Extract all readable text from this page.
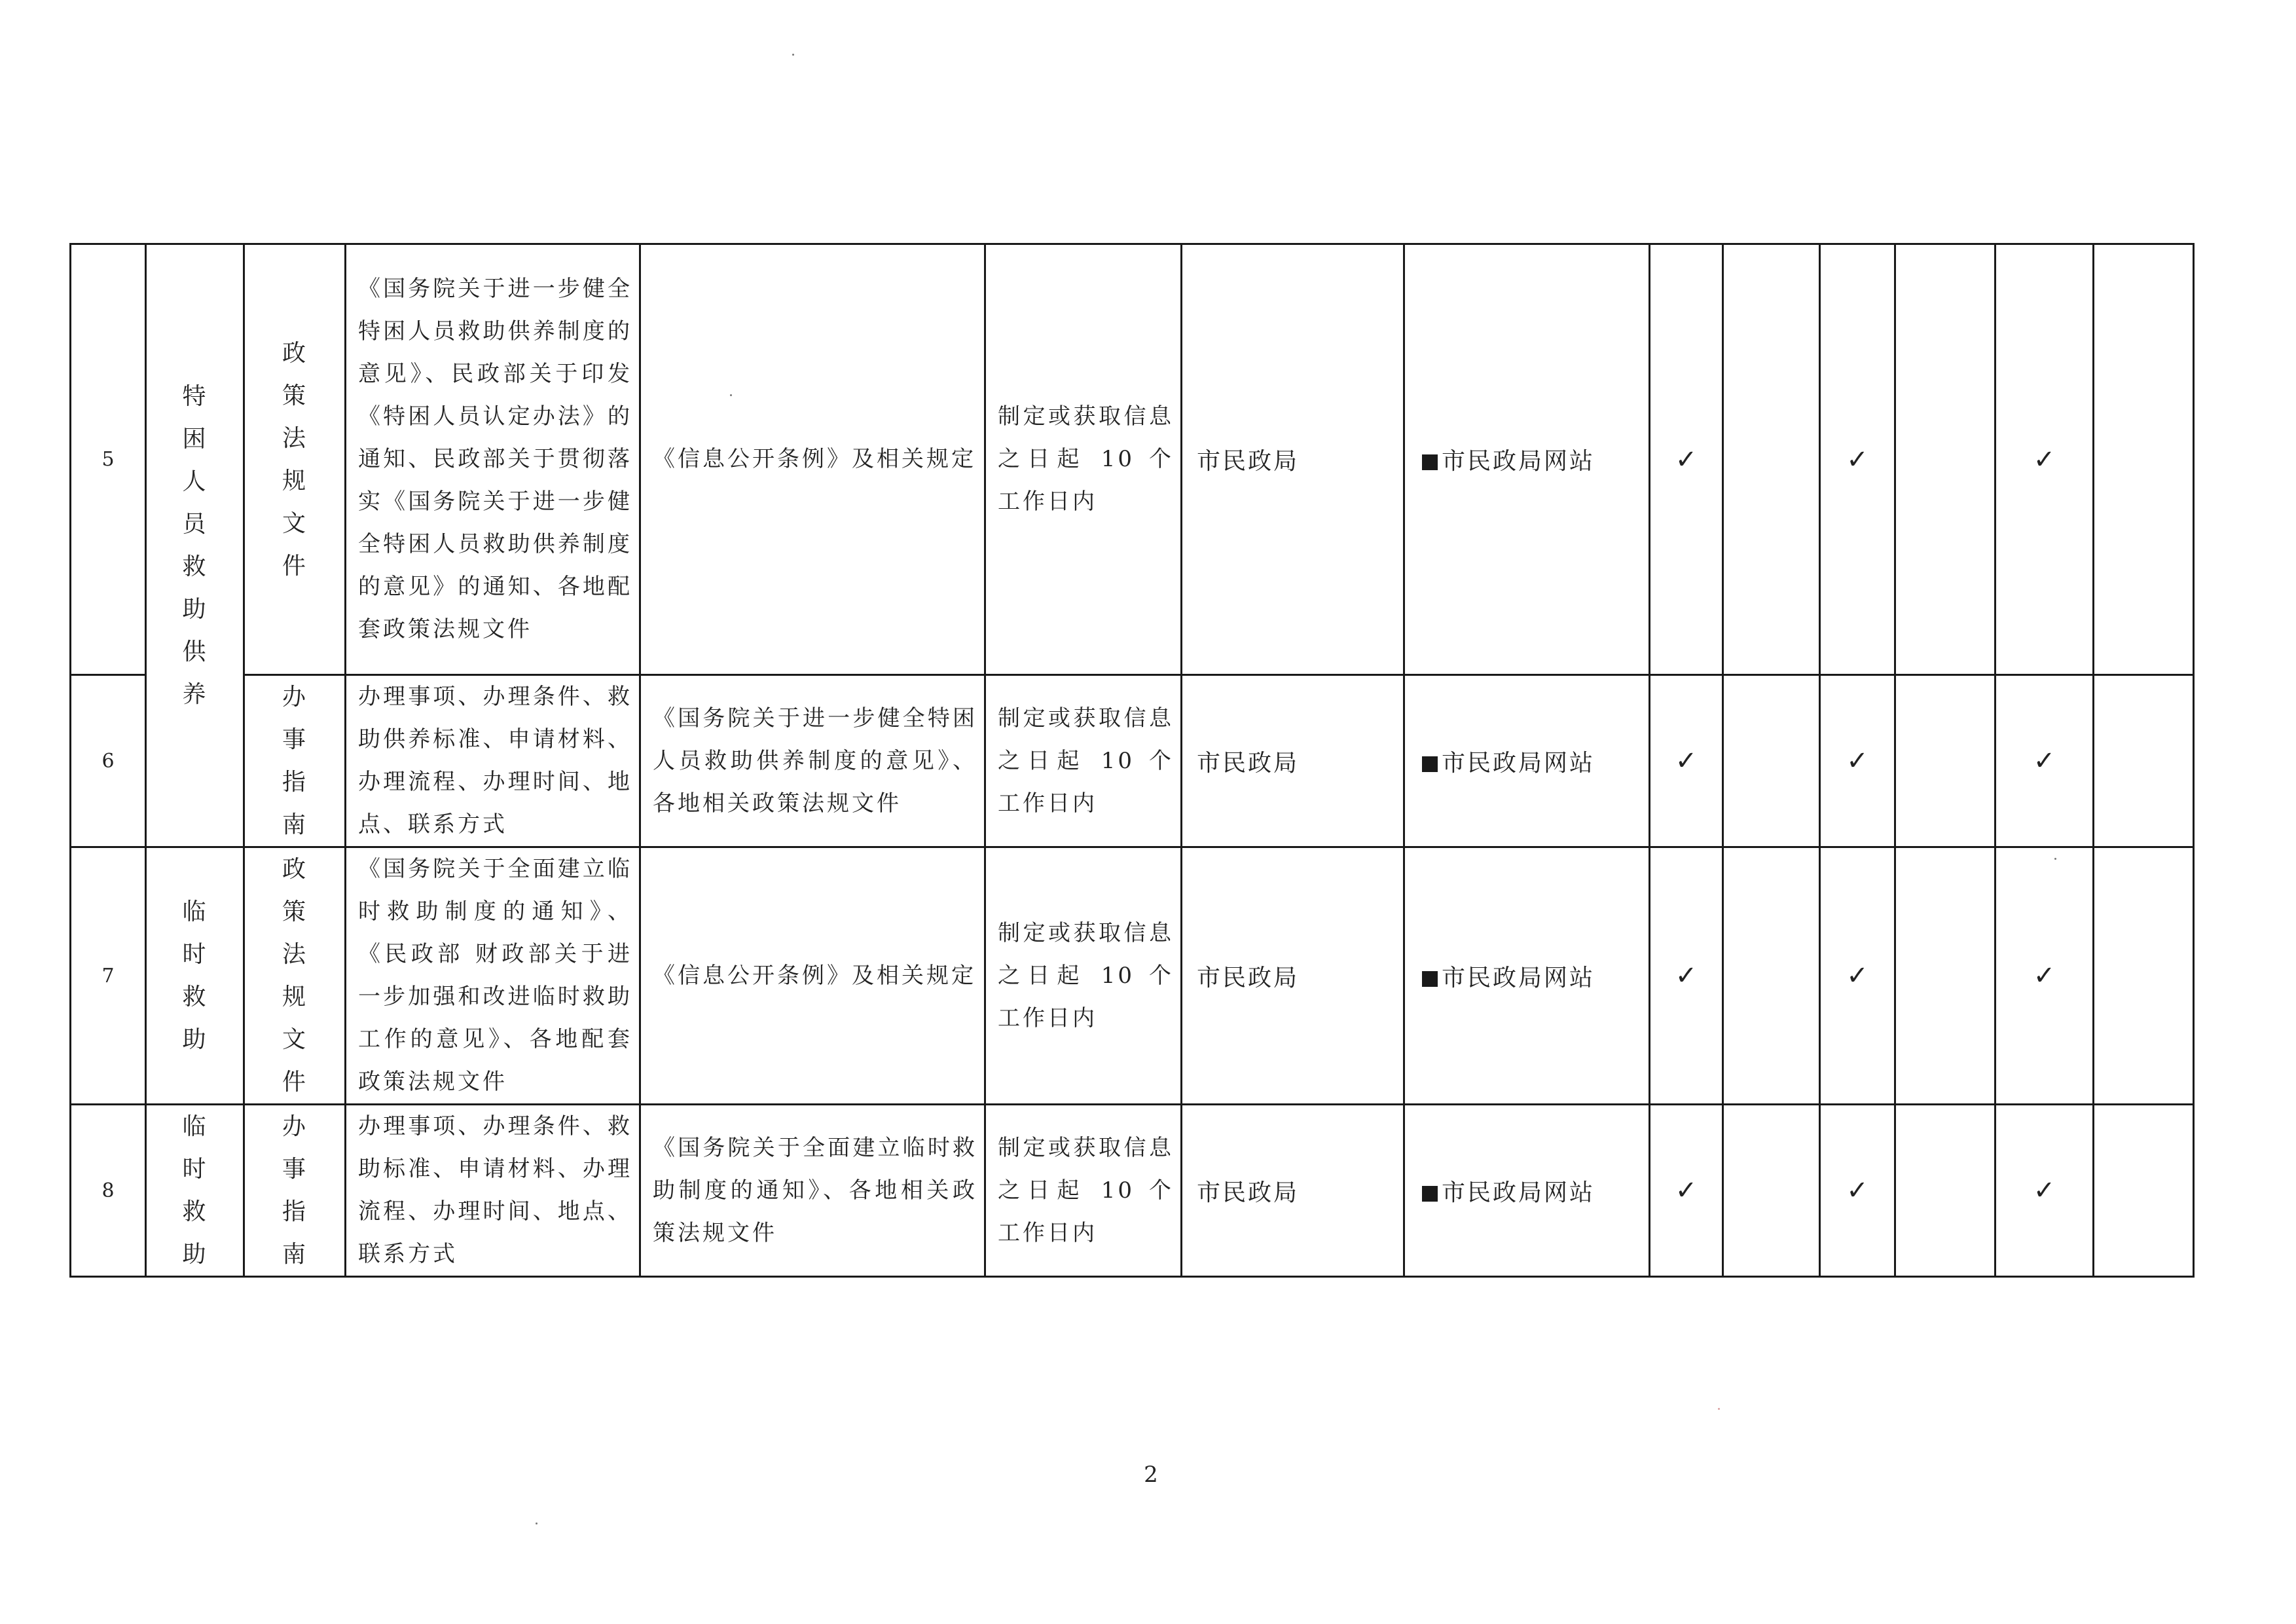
5	特困人员救助供养	政策法规文件	《国务院关于进一步健全特困人员救助供养制度的意见》、民政部关于印发《特困人员认定办法》的通知、民政部关于贯彻落实《国务院关于进一步健全特困人员救助供养制度的意见》的通知、各地配套政策法规文件	《信息公开条例》及相关规定	制定或获取信息之日起 10 个工作日内	市民政局	市民政局网站	✓		✓		✓	
6		办事指南	办理事项、办理条件、救助供养标准、申请材料、办理流程、办理时间、地点、联系方式	《国务院关于进一步健全特困人员救助供养制度的意见》、各地相关政策法规文件	制定或获取信息之日起 10 个工作日内	市民政局	市民政局网站	✓		✓		✓	
7	临时救助	政策法规文件	《国务院关于全面建立临时救助制度的通知》、《民政部 财政部关于进一步加强和改进临时救助工作的意见》、各地配套政策法规文件	《信息公开条例》及相关规定	制定或获取信息之日起 10 个工作日内	市民政局	市民政局网站	✓		✓		✓	
8	临时救助	办事指南	办理事项、办理条件、救助标准、申请材料、办理流程、办理时间、地点、联系方式	《国务院关于全面建立临时救助制度的通知》、各地相关政策法规文件	制定或获取信息之日起 10 个工作日内	市民政局	市民政局网站	✓		✓		✓	
2
